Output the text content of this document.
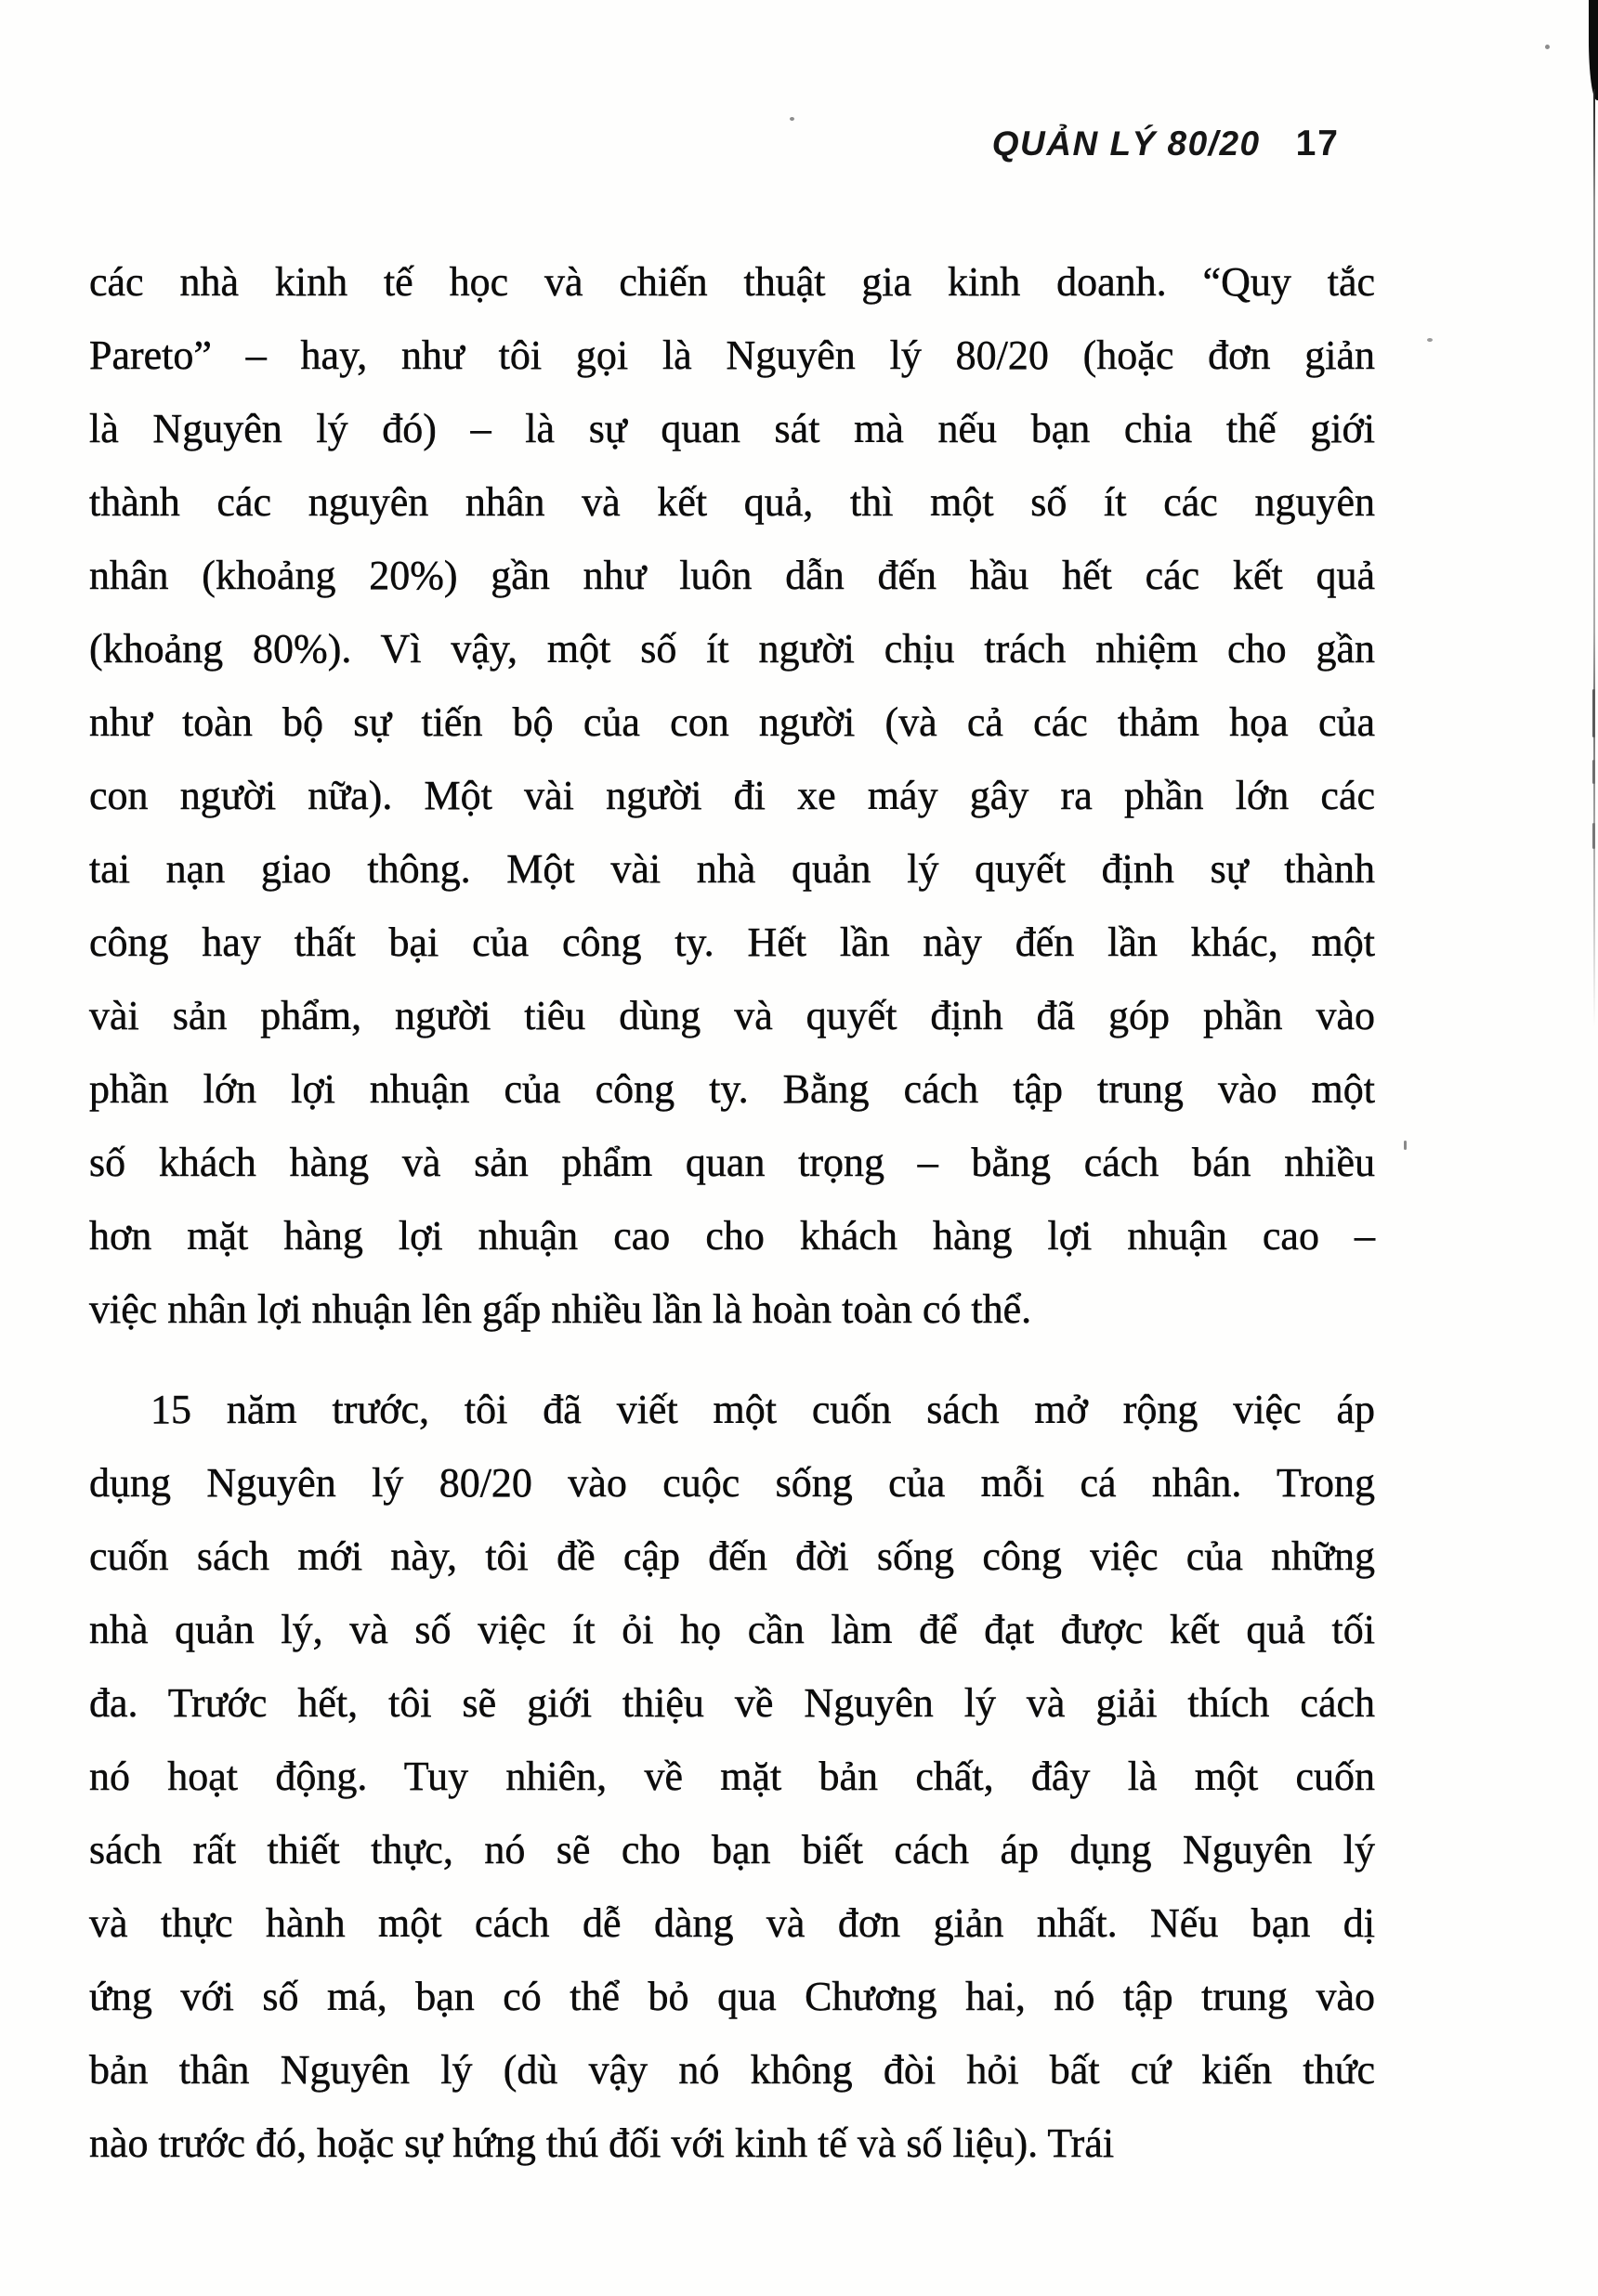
QUẢN LÝ 80/20 17
các nhà kinh tế học và chiến thuật gia kinh doanh. “Quy tắc
Pareto” – hay, như tôi gọi là Nguyên lý 80/20 (hoặc đơn giản
là Nguyên lý đó) – là sự quan sát mà nếu bạn chia thế giới
thành các nguyên nhân và kết quả, thì một số ít các nguyên
nhân (khoảng 20%) gần như luôn dẫn đến hầu hết các kết quả
(khoảng 80%). Vì vậy, một số ít người chịu trách nhiệm cho gần
như toàn bộ sự tiến bộ của con người (và cả các thảm họa của
con người nữa). Một vài người đi xe máy gây ra phần lớn các
tai nạn giao thông. Một vài nhà quản lý quyết định sự thành
công hay thất bại của công ty. Hết lần này đến lần khác, một
vài sản phẩm, người tiêu dùng và quyết định đã góp phần vào
phần lớn lợi nhuận của công ty. Bằng cách tập trung vào một
số khách hàng và sản phẩm quan trọng – bằng cách bán nhiều
hơn mặt hàng lợi nhuận cao cho khách hàng lợi nhuận cao –
việc nhân lợi nhuận lên gấp nhiều lần là hoàn toàn có thể.
15 năm trước, tôi đã viết một cuốn sách mở rộng việc áp
dụng Nguyên lý 80/20 vào cuộc sống của mỗi cá nhân. Trong
cuốn sách mới này, tôi đề cập đến đời sống công việc của những
nhà quản lý, và số việc ít ỏi họ cần làm để đạt được kết quả tối
đa. Trước hết, tôi sẽ giới thiệu về Nguyên lý và giải thích cách
nó hoạt động. Tuy nhiên, về mặt bản chất, đây là một cuốn
sách rất thiết thực, nó sẽ cho bạn biết cách áp dụng Nguyên lý
và thực hành một cách dễ dàng và đơn giản nhất. Nếu bạn dị
ứng với số má, bạn có thể bỏ qua Chương hai, nó tập trung vào
bản thân Nguyên lý (dù vậy nó không đòi hỏi bất cứ kiến thức
nào trước đó, hoặc sự hứng thú đối với kinh tế và số liệu). Trái
